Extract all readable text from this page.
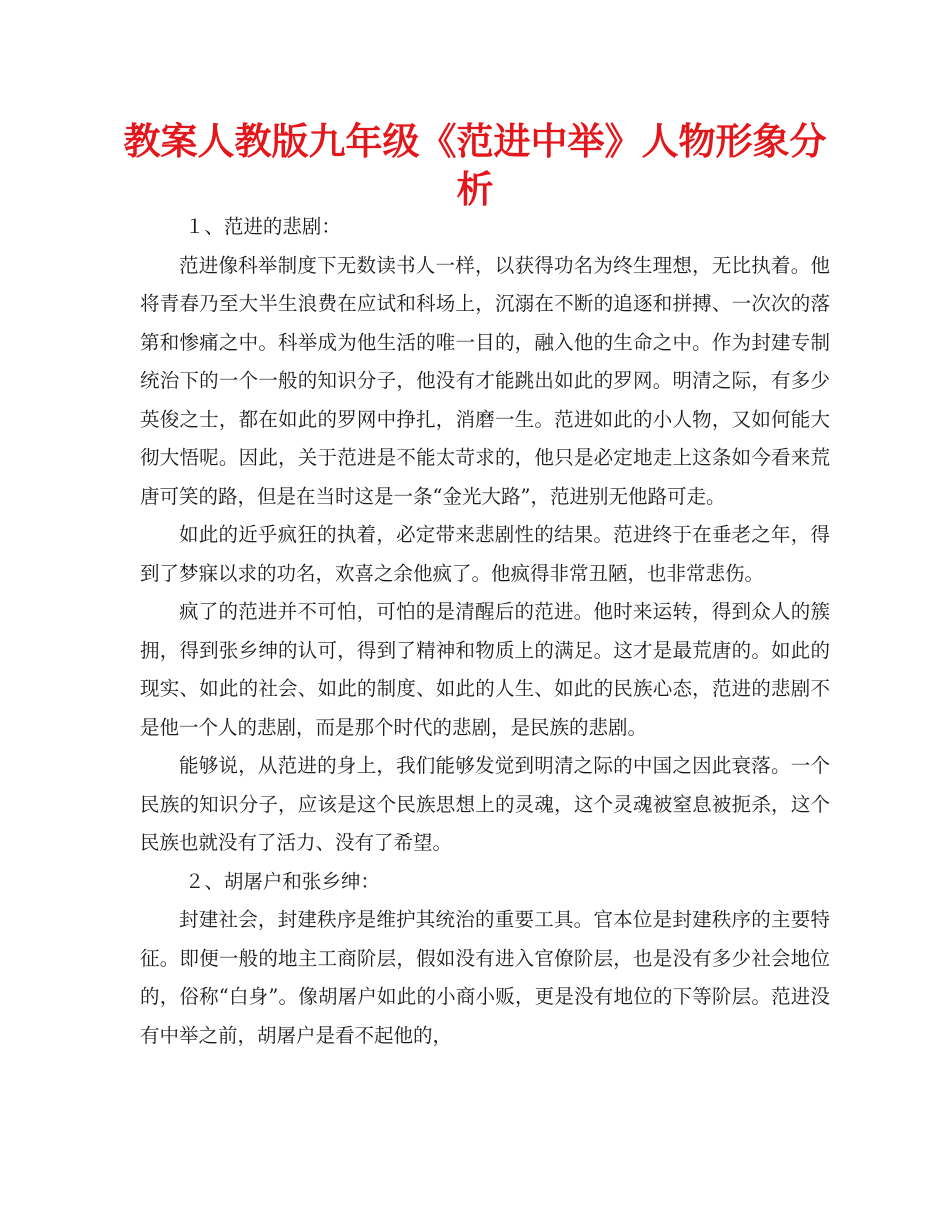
教案人教版九年级《范进中举》人物形象分析

１、范进的悲剧：

范进像科举制度下无数读书人一样，以获得功名为终生理想，无比执着。他将青春乃至大半生浪费在应试和科场上，沉溺在不断的追逐和拼搏、一次次的落第和惨痛之中。科举成为他生活的唯一目的，融入他的生命之中。作为封建专制统治下的一个一般的知识分子，他没有才能跳出如此的罗网。明清之际，有多少英俊之士，都在如此的罗网中挣扎，消磨一生。范进如此的小人物，又如何能大彻大悟呢。因此，关于范进是不能太苛求的，他只是必定地走上这条如今看来荒唐可笑的路，但是在当时这是一条“金光大路”，范进别无他路可走。

如此的近乎疯狂的执着，必定带来悲剧性的结果。范进终于在垂老之年，得到了梦寐以求的功名，欢喜之余他疯了。他疯得非常丑陋，也非常悲伤。

疯了的范进并不可怕，可怕的是清醒后的范进。他时来运转，得到众人的簇拥，得到张乡绅的认可，得到了精神和物质上的满足。这才是最荒唐的。如此的现实、如此的社会、如此的制度、如此的人生、如此的民族心态，范进的悲剧不是他一个人的悲剧，而是那个时代的悲剧，是民族的悲剧。

能够说，从范进的身上，我们能够发觉到明清之际的中国之因此衰落。一个民族的知识分子，应该是这个民族思想上的灵魂，这个灵魂被窒息被扼杀，这个民族也就没有了活力、没有了希望。

２、胡屠户和张乡绅：

封建社会，封建秩序是维护其统治的重要工具。官本位是封建秩序的主要特征。即便一般的地主工商阶层，假如没有进入官僚阶层，也是没有多少社会地位的，俗称“白身”。像胡屠户如此的小商小贩，更是没有地位的下等阶层。范进没有中举之前，胡屠户是看不起他的，
